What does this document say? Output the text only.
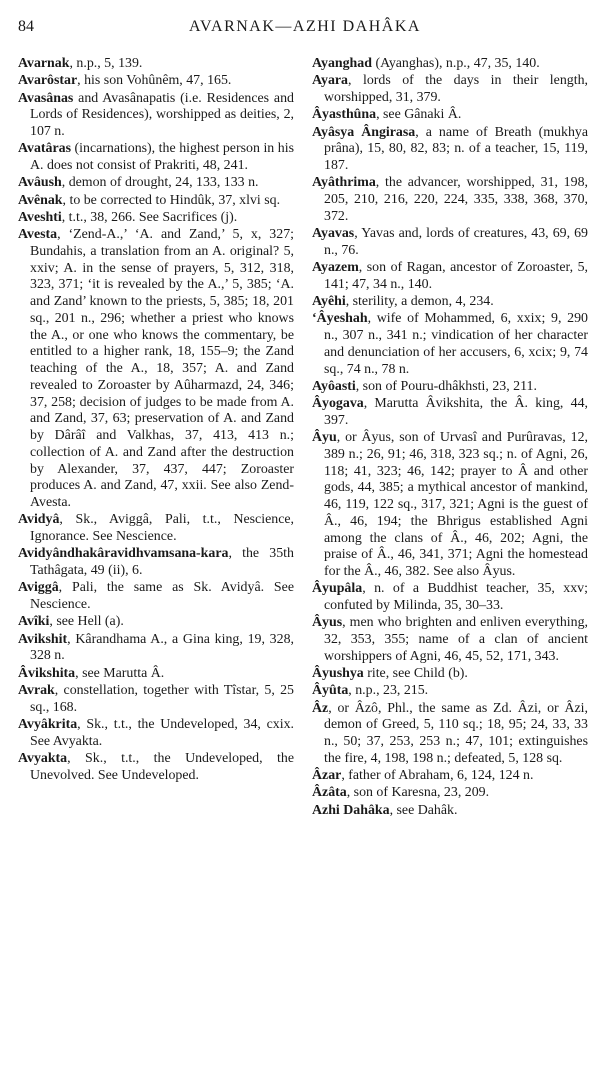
84	AVARNAK—AZHI DAHÂKA

Avarnak, n.p., 5, 139.

Avarôstar, his son Vohûnêm, 47, 165.

Avasânas and Avasânapatis (i.e. Residences and Lords of Residences), worshipped as deities, 2, 107 n.

Avatâras (incarnations), the highest person in his A. does not consist of Prakriti, 48, 241.

Avâush, demon of drought, 24, 133, 133 n.

Avênak, to be corrected to Hindûk, 37, xlvi sq.

Aveshti, t.t., 38, 266. See Sacrifices (j).

Avesta, ‘Zend-A.,’ ‘A. and Zand,’ 5, x, 327; Bundahis, a translation from an A. original? 5, xxiv; A. in the sense of prayers, 5, 312, 318, 323, 371; ‘it is revealed by the A.,’ 5, 385; ‘A. and Zand’ known to the priests, 5, 385; 18, 201 sq., 201 n., 296; whether a priest who knows the A., or one who knows the commentary, be entitled to a higher rank, 18, 155–9; the Zand teaching of the A., 18, 357; A. and Zand revealed to Zoroaster by Aûharmazd, 24, 346; 37, 258; decision of judges to be made from A. and Zand, 37, 63; preservation of A. and Zand by Dârâî and Valkhas, 37, 413, 413 n.; collection of A. and Zand after the destruction by Alexander, 37, 437, 447; Zoroaster produces A. and Zand, 47, xxii. See also Zend-Avesta.

Avidyâ, Sk., Aviggâ, Pali, t.t., Nescience, Ignorance. See Nescience.

Avidyândhakâravidhvamsana-kara, the 35th Tathâgata, 49 (ii), 6.

Aviggâ, Pali, the same as Sk. Avidyâ. See Nescience.

Avîki, see Hell (a).

Avikshit, Kârandhama A., a Gina king, 19, 328, 328 n.

Âvikshita, see Marutta Â.

Avrak, constellation, together with Tîstar, 5, 25 sq., 168.

Avyâkrita, Sk., t.t., the Undeveloped, 34, cxix. See Avyakta.

Avyakta, Sk., t.t., the Undeveloped, the Unevolved. See Undeveloped.

Ayanghad (Ayanghas), n.p., 47, 35, 140.

Ayara, lords of the days in their length, worshipped, 31, 379.

Âyasthûna, see Gânaki Â.

Ayâsya Ângirasa, a name of Breath (mukhya prâna), 15, 80, 82, 83; n. of a teacher, 15, 119, 187.

Ayâthrima, the advancer, worshipped, 31, 198, 205, 210, 216, 220, 224, 335, 338, 368, 370, 372.

Ayavas, Yavas and, lords of creatures, 43, 69, 69 n., 76.

Ayazem, son of Ragan, ancestor of Zoroaster, 5, 141; 47, 34 n., 140.

Ayêhi, sterility, a demon, 4, 234.

‘Âyeshah, wife of Mohammed, 6, xxix; 9, 290 n., 307 n., 341 n.; vindication of her character and denunciation of her accusers, 6, xcix; 9, 74 sq., 74 n., 78 n.

Ayôasti, son of Pouru-dhâkhsti, 23, 211.

Âyogava, Marutta Âvikshita, the Â. king, 44, 397.

Âyu, or Âyus, son of Urvasî and Purûravas, 12, 389 n.; 26, 91; 46, 318, 323 sq.; n. of Agni, 26, 118; 41, 323; 46, 142; prayer to Â and other gods, 44, 385; a mythical ancestor of mankind, 46, 119, 122 sq., 317, 321; Agni is the guest of Â., 46, 194; the Bhrigus established Agni among the clans of Â., 46, 202; Agni, the praise of Â., 46, 341, 371; Agni the homestead for the Â., 46, 382. See also Âyus.

Âyupâla, n. of a Buddhist teacher, 35, xxv; confuted by Milinda, 35, 30–33.

Âyus, men who brighten and enliven everything, 32, 353, 355; name of a clan of ancient worshippers of Agni, 46, 45, 52, 171, 343.

Âyushya rite, see Child (b).

Âyûta, n.p., 23, 215.

Âz, or Âzô, Phl., the same as Zd. Âzi, or Âzi, demon of Greed, 5, 110 sq.; 18, 95; 24, 33, 33 n., 50; 37, 253, 253 n.; 47, 101; extinguishes the fire, 4, 198, 198 n.; defeated, 5, 128 sq.

Âzar, father of Abraham, 6, 124, 124 n.

Âzâta, son of Karesna, 23, 209.

Azhi Dahâka, see Dahâk.
